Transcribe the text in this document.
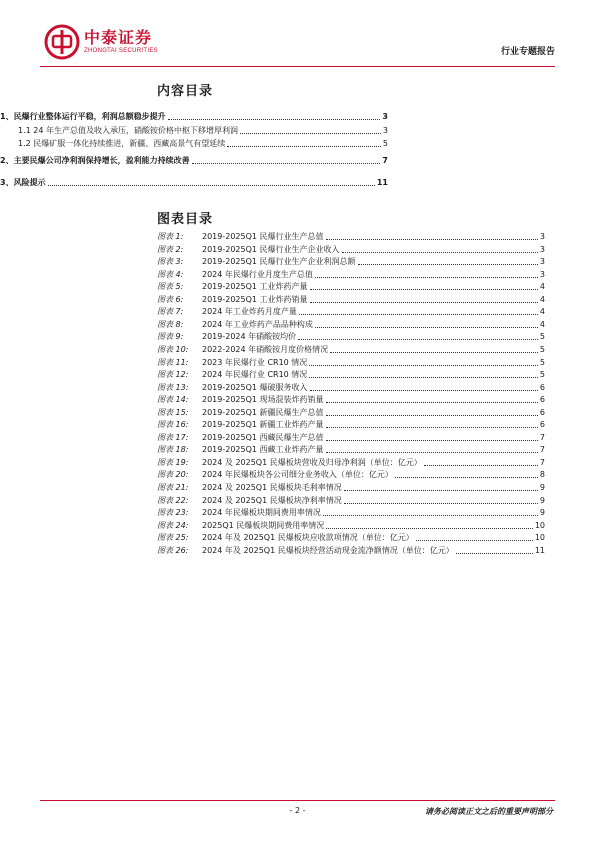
中泰证券
ZHONGTAI SECURITIES	行业专题报告
内容目录
1、民爆行业整体运行平稳，利润总额稳步提升	3
1.1 24 年生产总值及收入承压，硝酸铵价格中枢下移增厚利润	3
1.2 民爆矿服一体化持续推进，新疆、西藏高景气有望延续	5
2、主要民爆公司净利润保持增长，盈利能力持续改善	7
3、风险提示	11
图表目录
图表 1:	2019-2025Q1 民爆行业生产总值	3
图表 2:	2019-2025Q1 民爆行业生产企业收入	3
图表 3:	2019-2025Q1 民爆行业生产企业利润总额	3
图表 4:	2024 年民爆行业月度生产总值	3
图表 5:	2019-2025Q1 工业炸药产量	4
图表 6:	2019-2025Q1 工业炸药销量	4
图表 7:	2024 年工业炸药月度产量	4
图表 8:	2024 年工业炸药产品品种构成	4
图表 9:	2019-2024 年硝酸铵均价	5
图表 10:	2022-2024 年硝酸铵月度价格情况	5
图表 11:	2023 年民爆行业 CR10 情况	5
图表 12:	2024 年民爆行业 CR10 情况	5
图表 13:	2019-2025Q1 爆破服务收入	6
图表 14:	2019-2025Q1 现场混装炸药销量	6
图表 15:	2019-2025Q1 新疆民爆生产总值	6
图表 16:	2019-2025Q1 新疆工业炸药产量	6
图表 17:	2019-2025Q1 西藏民爆生产总值	7
图表 18:	2019-2025Q1 西藏工业炸药产量	7
图表 19:	2024 及 2025Q1 民爆板块营收及归母净利润（单位：亿元）	7
图表 20:	2024 年民爆板块各公司细分业务收入（单位：亿元）	8
图表 21:	2024 及 2025Q1 民爆板块毛利率情况	9
图表 22:	2024 及 2025Q1 民爆板块净利率情况	9
图表 23:	2024 年民爆板块期间费用率情况	9
图表 24:	2025Q1 民爆板块期间费用率情况	10
图表 25:	2024 年及 2025Q1 民爆板块应收款项情况（单位：亿元）	10
图表 26:	2024 年及 2025Q1 民爆板块经营活动现金流净额情况（单位：亿元）	11
- 2 -	请务必阅读正文之后的重要声明部分
